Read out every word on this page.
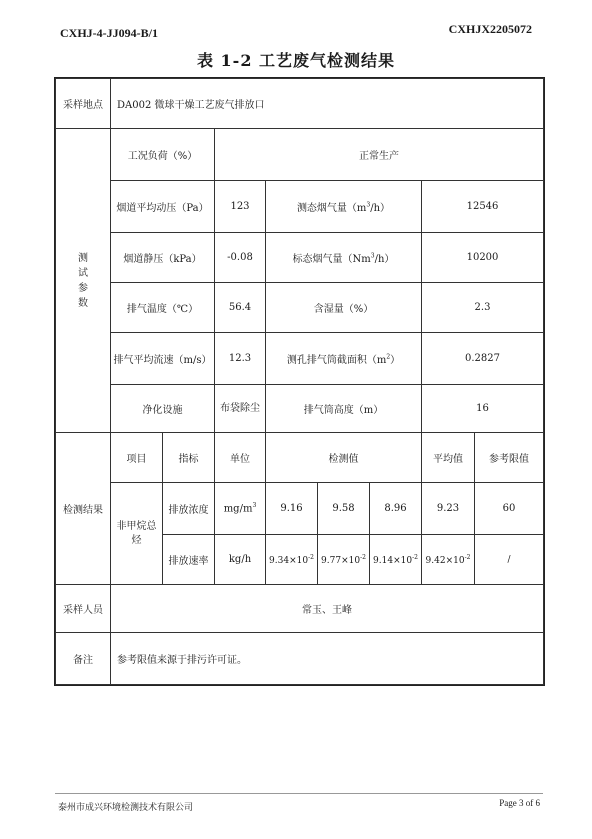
CXHJ-4-JJ094-B/1	CXHJX2205072
表 1-2 工艺废气检测结果
采样地点	DA002 微球干燥工艺废气排放口							
测试参数	工况负荷（%）		正常生产					
	烟道平均动压（Pa）		123	测态烟气量$(m^3/h)$			12546	
	烟道静压（kPa）		-0.08	标态烟气量（Nm$^3$/h）			10200	
	排气温度（℃）		56.4	含湿量（%）			2.3	
	排气平均流速（m/s）		12.3	测孔排气筒截面积$(m^2)$			0.2827	
	净化设施		布袋除尘	排气筒高度（m）			16	
检测结果	项目	指标	单位	检测值			平均值	参考限值
	非甲烷总烃	排放浓度	$mg/m^3$	9.16	9.58	8.96	9.23	60
		排放速率	kg/h	$9.34\times 10^{-2}$	$9.77\times 10^{-2}$	$9.14\times 10^{-2}$	$9.42\times 10^{-2}$	/
采样人员	常玉、王峰							
备注	参考限值来源于排污许可证。							
泰州市成兴环境检测技术有限公司	Page 3 of 6
